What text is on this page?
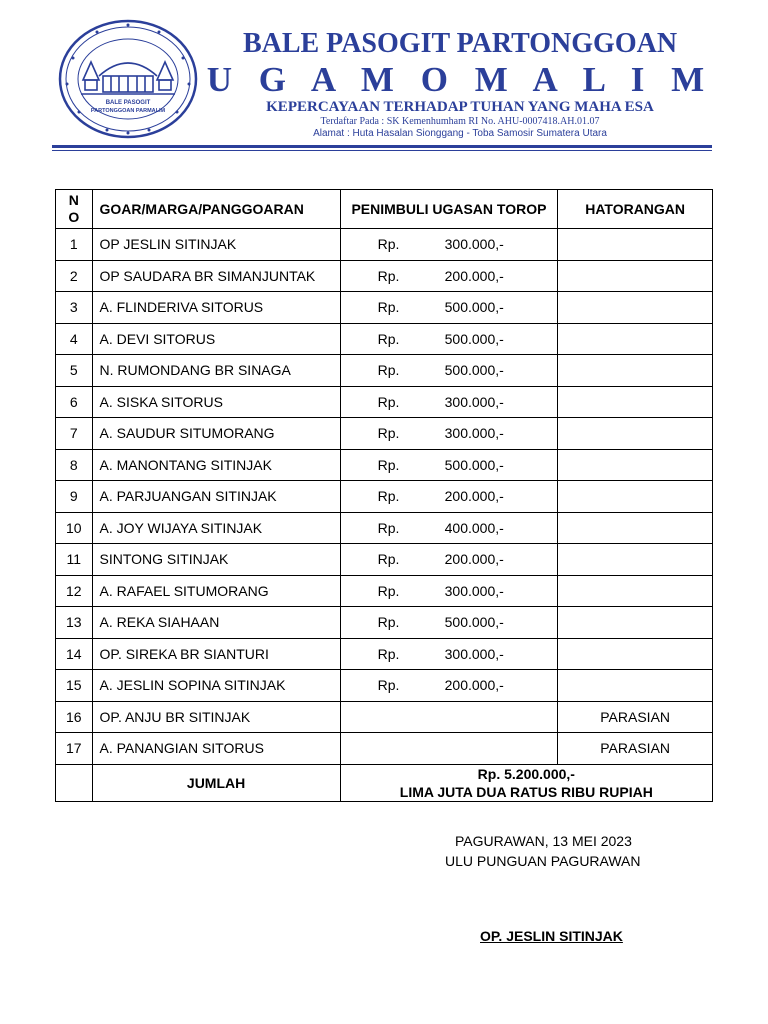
BALE PASOGIT
PARTONGGOAN PARMALIM
BALE PASOGIT PARTONGGOAN
U G A M O M A L I M
KEPERCAYAAN TERHADAP TUHAN YANG MAHA ESA
Terdaftar Pada : SK Kemenhumham RI No. AHU-0007418.AH.01.07
Alamat : Huta Hasalan Sionggang - Toba Samosir Sumatera Utara
N
O	GOAR/MARGA/PANGGOARAN	PENIMBULI UGASAN TOROP	HATORANGAN
1	OP JESLIN SITINJAK	Rp. 300.000,-	

2	OP SAUDARA BR SIMANJUNTAK	Rp. 200.000,-	

3	A. FLINDERIVA SITORUS	Rp. 500.000,-	

4	A. DEVI SITORUS	Rp. 500.000,-	

5	N. RUMONDANG BR SINAGA	Rp. 500.000,-	

6	A. SISKA SITORUS	Rp. 300.000,-	

7	A. SAUDUR SITUMORANG	Rp. 300.000,-	

8	A. MANONTANG SITINJAK	Rp. 500.000,-	

9	A. PARJUANGAN SITINJAK	Rp. 200.000,-	

10	A. JOY WIJAYA SITINJAK	Rp. 400.000,-	

11	SINTONG SITINJAK	Rp. 200.000,-	

12	A. RAFAEL SITUMORANG	Rp. 300.000,-	

13	A. REKA SIAHAAN	Rp. 500.000,-	

14	OP. SIREKA BR SIANTURI	Rp. 300.000,-	

15	A. JESLIN SOPINA SITINJAK	Rp. 200.000,-	

16	OP. ANJU BR SITINJAK		PARASIAN
17	A. PANANGIAN SITORUS		PARASIAN
	JUMLAH	Rp. 5.200.000,-
LIMA JUTA DUA RATUS RIBU RUPIAH	
PAGURAWAN, 13 MEI 2023
ULU PUNGUAN PAGURAWAN
OP. JESLIN SITINJAK
